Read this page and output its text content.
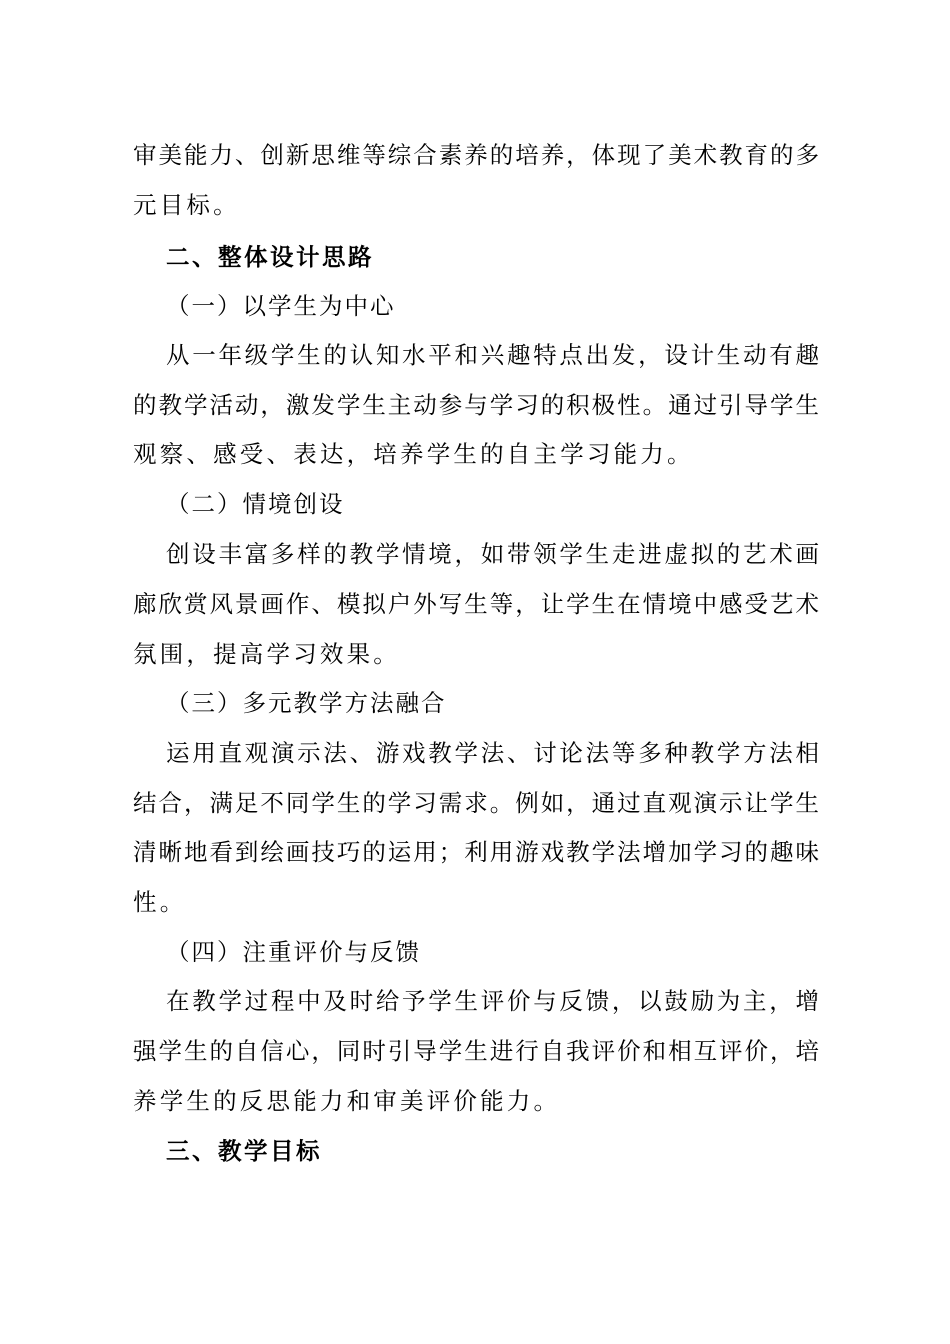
审美能力、创新思维等综合素养的培养，体现了美术教育的多
元目标。
二、整体设计思路
（一）以学生为中心
从一年级学生的认知水平和兴趣特点出发，设计生动有趣
的教学活动，激发学生主动参与学习的积极性。通过引导学生
观察、感受、表达，培养学生的自主学习能力。
（二）情境创设
创设丰富多样的教学情境，如带领学生走进虚拟的艺术画
廊欣赏风景画作、模拟户外写生等，让学生在情境中感受艺术
氛围，提高学习效果。
（三）多元教学方法融合
运用直观演示法、游戏教学法、讨论法等多种教学方法相
结合，满足不同学生的学习需求。例如，通过直观演示让学生
清晰地看到绘画技巧的运用；利用游戏教学法增加学习的趣味
性。
（四）注重评价与反馈
在教学过程中及时给予学生评价与反馈，以鼓励为主，增
强学生的自信心，同时引导学生进行自我评价和相互评价，培
养学生的反思能力和审美评价能力。
三、教学目标
